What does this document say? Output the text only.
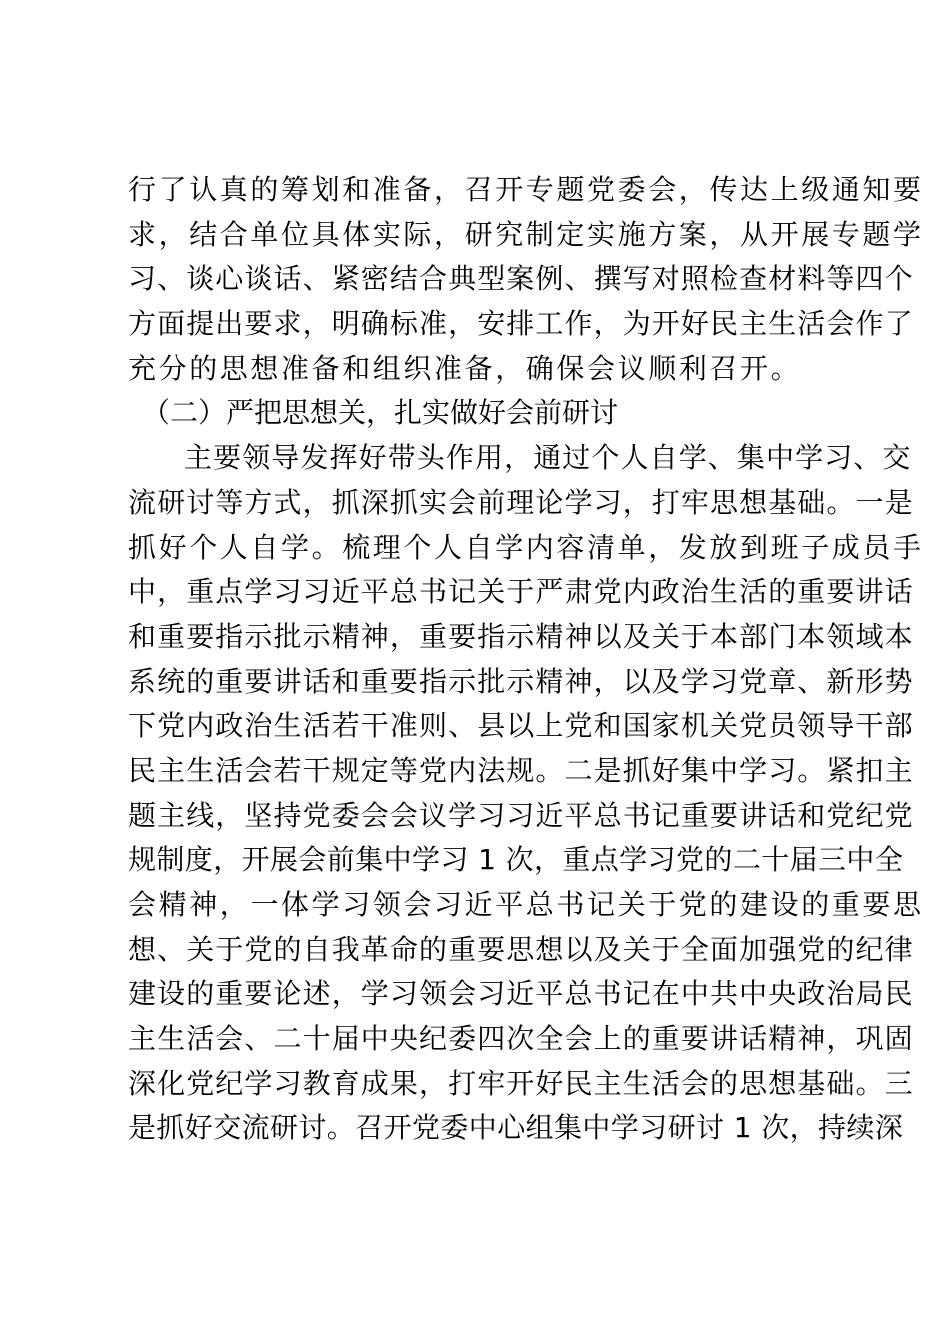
行了认真的筹划和准备，召开专题党委会，传达上级通知要
求，结合单位具体实际，研究制定实施方案，从开展专题学
习、谈心谈话、紧密结合典型案例、撰写对照检查材料等四个
方面提出要求，明确标准，安排工作，为开好民主生活会作了
充分的思想准备和组织准备，确保会议顺利召开。
（二）严把思想关，扎实做好会前研讨
主要领导发挥好带头作用，通过个人自学、集中学习、交
流研讨等方式，抓深抓实会前理论学习，打牢思想基础。一是
抓好个人自学。梳理个人自学内容清单，发放到班子成员手
中，重点学习习近平总书记关于严肃党内政治生活的重要讲话
和重要指示批示精神，重要指示精神以及关于本部门本领域本
系统的重要讲话和重要指示批示精神，以及学习党章、新形势
下党内政治生活若干准则、县以上党和国家机关党员领导干部
民主生活会若干规定等党内法规。二是抓好集中学习。紧扣主
题主线，坚持党委会会议学习习近平总书记重要讲话和党纪党
规制度，开展会前集中学习 1 次，重点学习党的二十届三中全
会精神，一体学习领会习近平总书记关于党的建设的重要思
想、关于党的自我革命的重要思想以及关于全面加强党的纪律
建设的重要论述，学习领会习近平总书记在中共中央政治局民
主生活会、二十届中央纪委四次全会上的重要讲话精神，巩固
深化党纪学习教育成果，打牢开好民主生活会的思想基础。三
是抓好交流研讨。召开党委中心组集中学习研讨 1 次，持续深
